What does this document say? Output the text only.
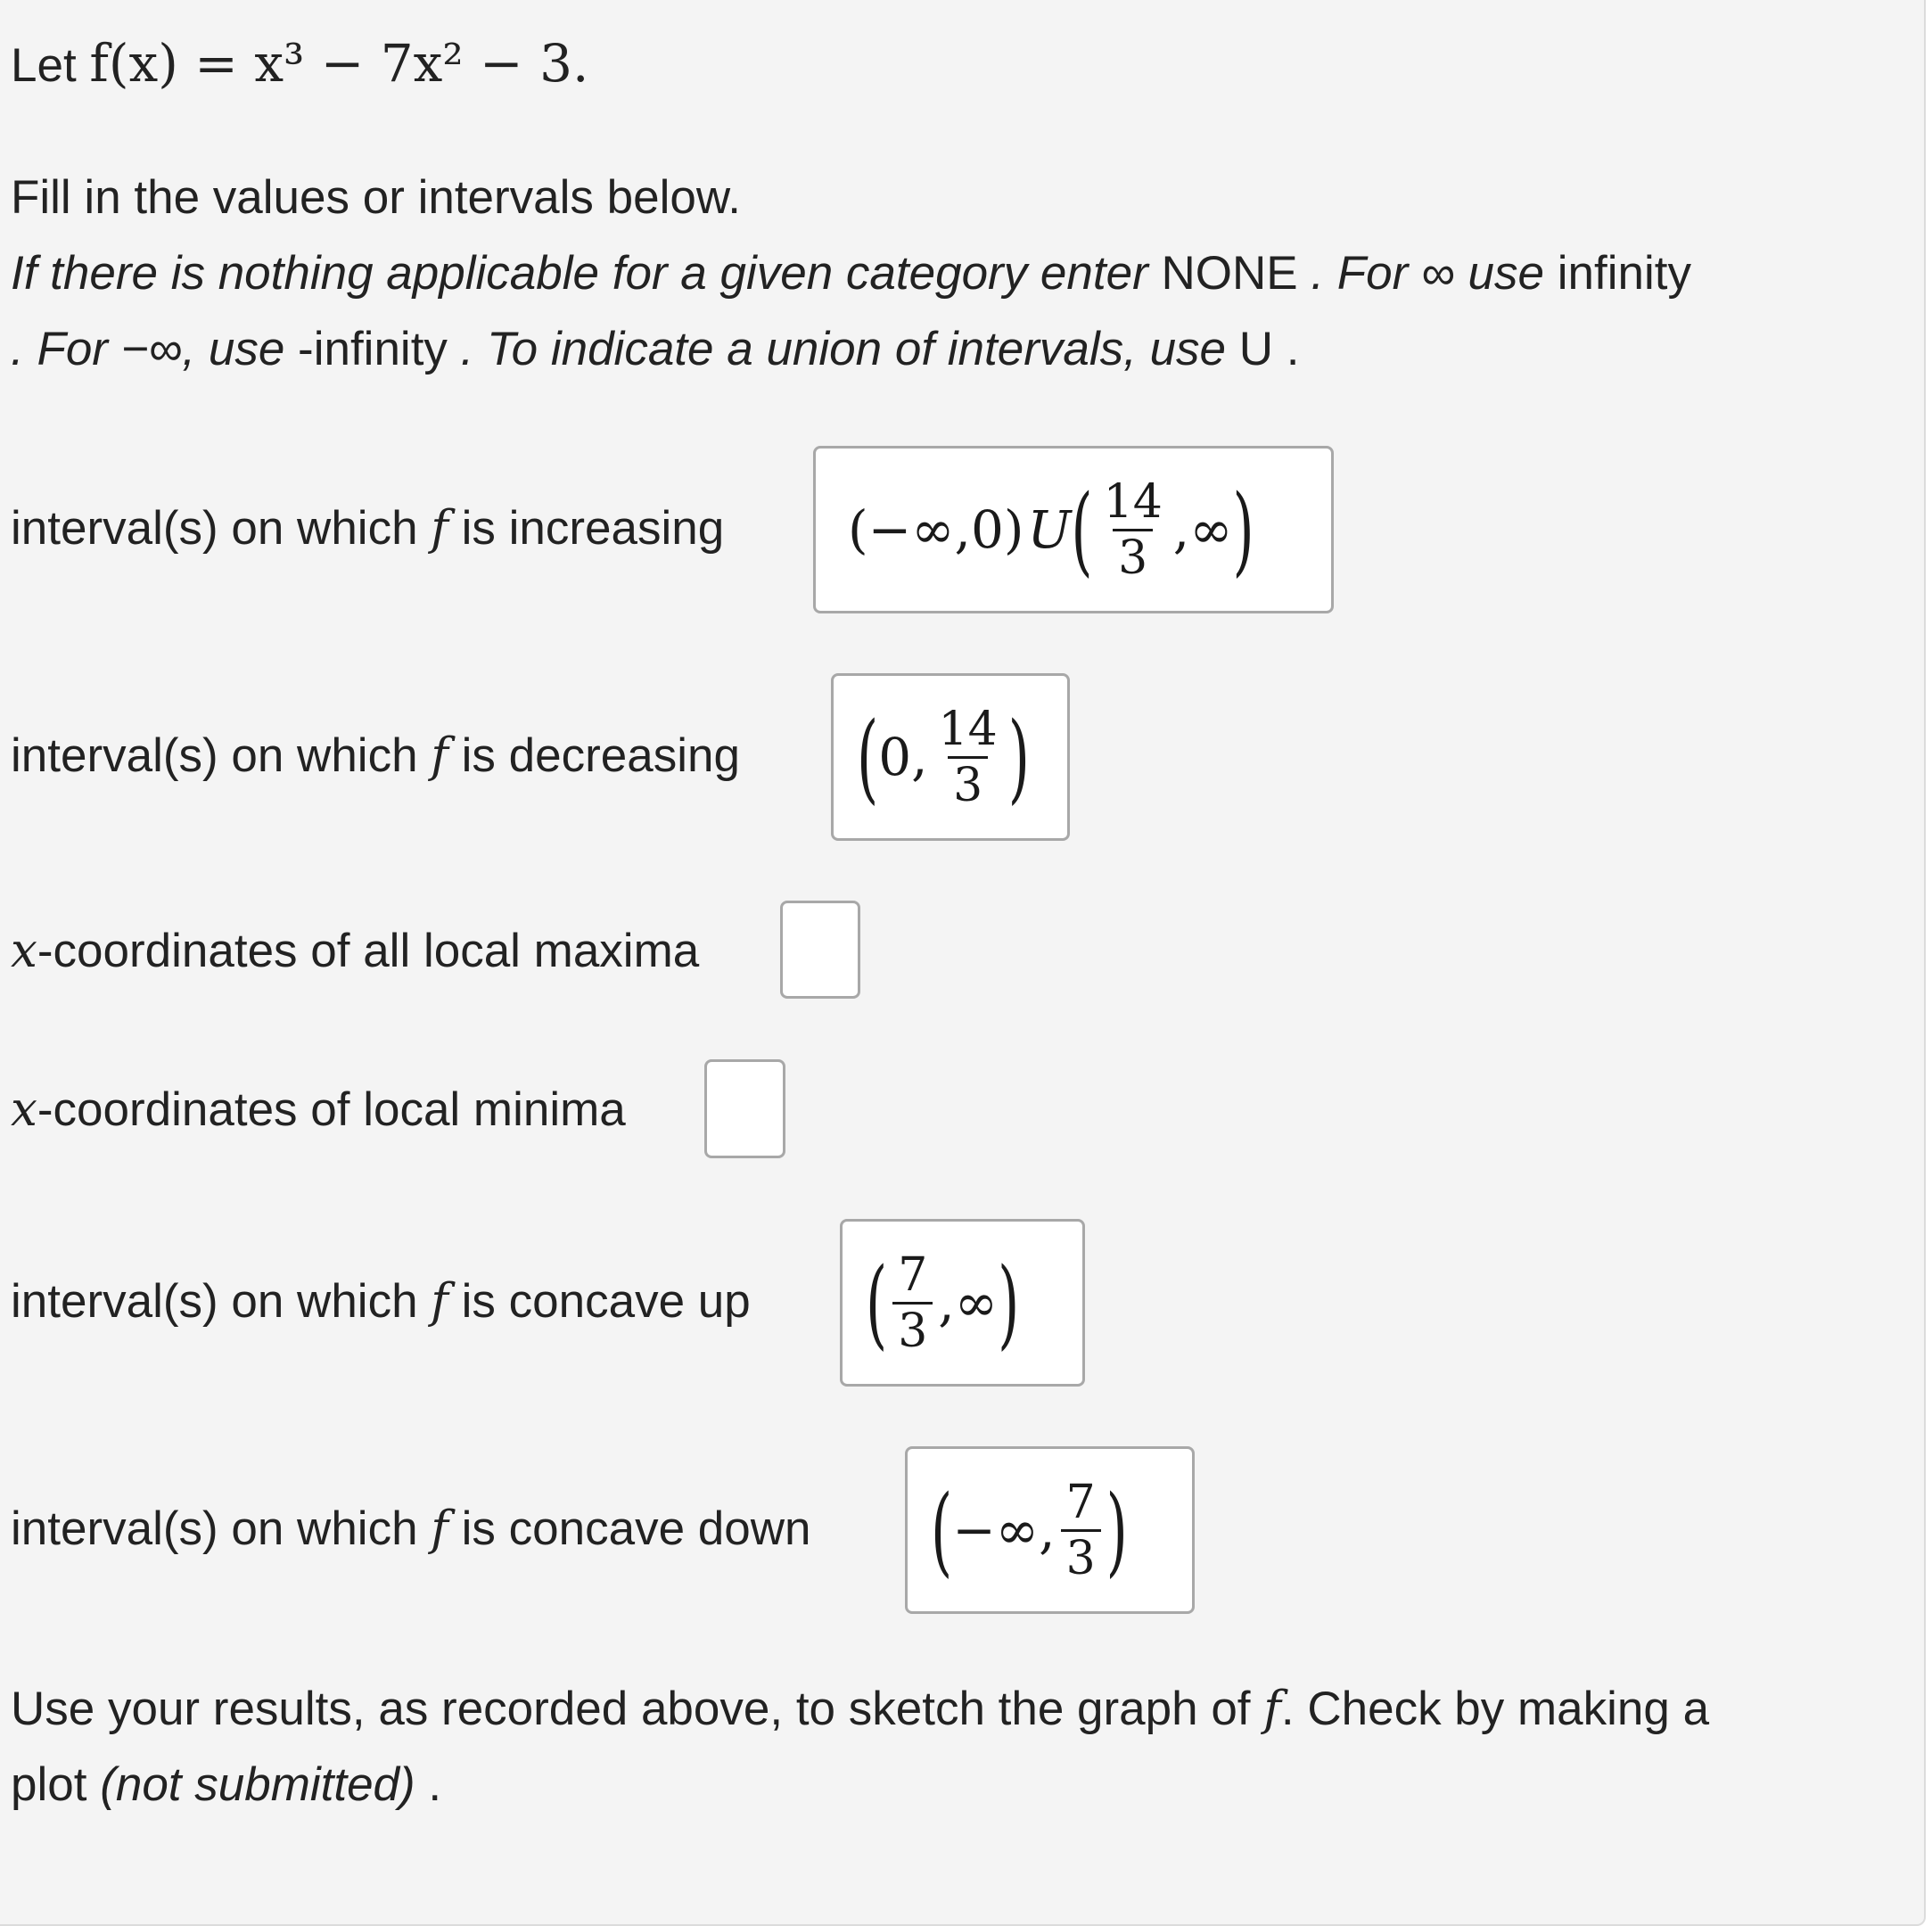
Let f(x) = x³ − 7x² − 3.
Fill in the values or intervals below.
If there is nothing applicable for a given category enter NONE . For ∞ use infinity
. For −∞, use -infinity . To indicate a union of intervals, use U .
interval(s) on which f is increasing (−∞,0) U ( $\frac{14}{3}$ ,∞ )
interval(s) on which f is decreasing ( 0, $\frac{14}{3}$ )
x-coordinates of all local maxima
x-coordinates of local minima
interval(s) on which f is concave up ( $\frac{7}{3}$ ,∞ )
interval(s) on which f is concave down ( −∞, $\frac{7}{3}$ )
Use your results, as recorded above, to sketch the graph of f. Check by making a
plot (not submitted) .
